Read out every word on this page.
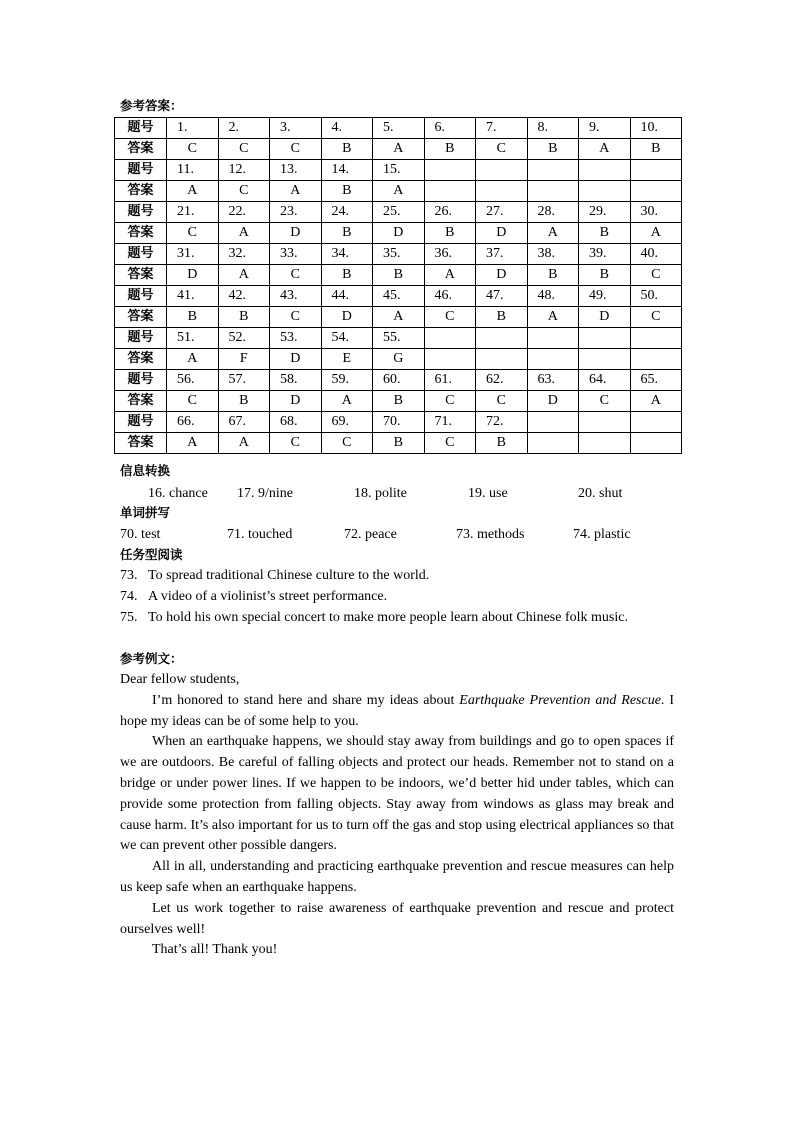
参考答案：
题号	1.	2.	3.	4.	5.	6.	7.	8.	9.	10.
答案	C	C	C	B	A	B	C	B	A	B
题号	11.	12.	13.	14.	15.					
答案	A	C	A	B	A					
题号	21.	22.	23.	24.	25.	26.	27.	28.	29.	30.
答案	C	A	D	B	D	B	D	A	B	A
题号	31.	32.	33.	34.	35.	36.	37.	38.	39.	40.
答案	D	A	C	B	B	A	D	B	B	C
题号	41.	42.	43.	44.	45.	46.	47.	48.	49.	50.
答案	B	B	C	D	A	C	B	A	D	C
题号	51.	52.	53.	54.	55.					
答案	A	F	D	E	G					
题号	56.	57.	58.	59.	60.	61.	62.	63.	64.	65.
答案	C	B	D	A	B	C	C	D	C	A
题号	66.	67.	68.	69.	70.	71.	72.			
答案	A	A	C	C	B	C	B			
信息转换
16. chance 17. 9/nine	18. polite	19. use	20. shut
单词拼写
70. test	71. touched	72. peace	73. methods	74. plastic
任务型阅读
73. To spread traditional Chinese culture to the world.
74. A video of a violinist’s street performance.
75. To hold his own special concert to make more people learn about Chinese folk music.
参考例文：

Dear fellow students,

I’m honored to stand here and share my ideas about Earthquake Prevention and Rescue. I hope my ideas can be of some help to you.

When an earthquake happens, we should stay away from buildings and go to open spaces if we are outdoors. Be careful of falling objects and protect our heads. Remember not to stand on a bridge or under power lines. If we happen to be indoors, we’d better hid under tables, which can provide some protection from falling objects. Stay away from windows as glass may break and cause harm. It’s also important for us to turn off the gas and stop using electrical appliances so that we can prevent other possible dangers.

All in all, understanding and practicing earthquake prevention and rescue measures can help us keep safe when an earthquake happens.

Let us work together to raise awareness of earthquake prevention and rescue and protect ourselves well!

That’s all! Thank you!
